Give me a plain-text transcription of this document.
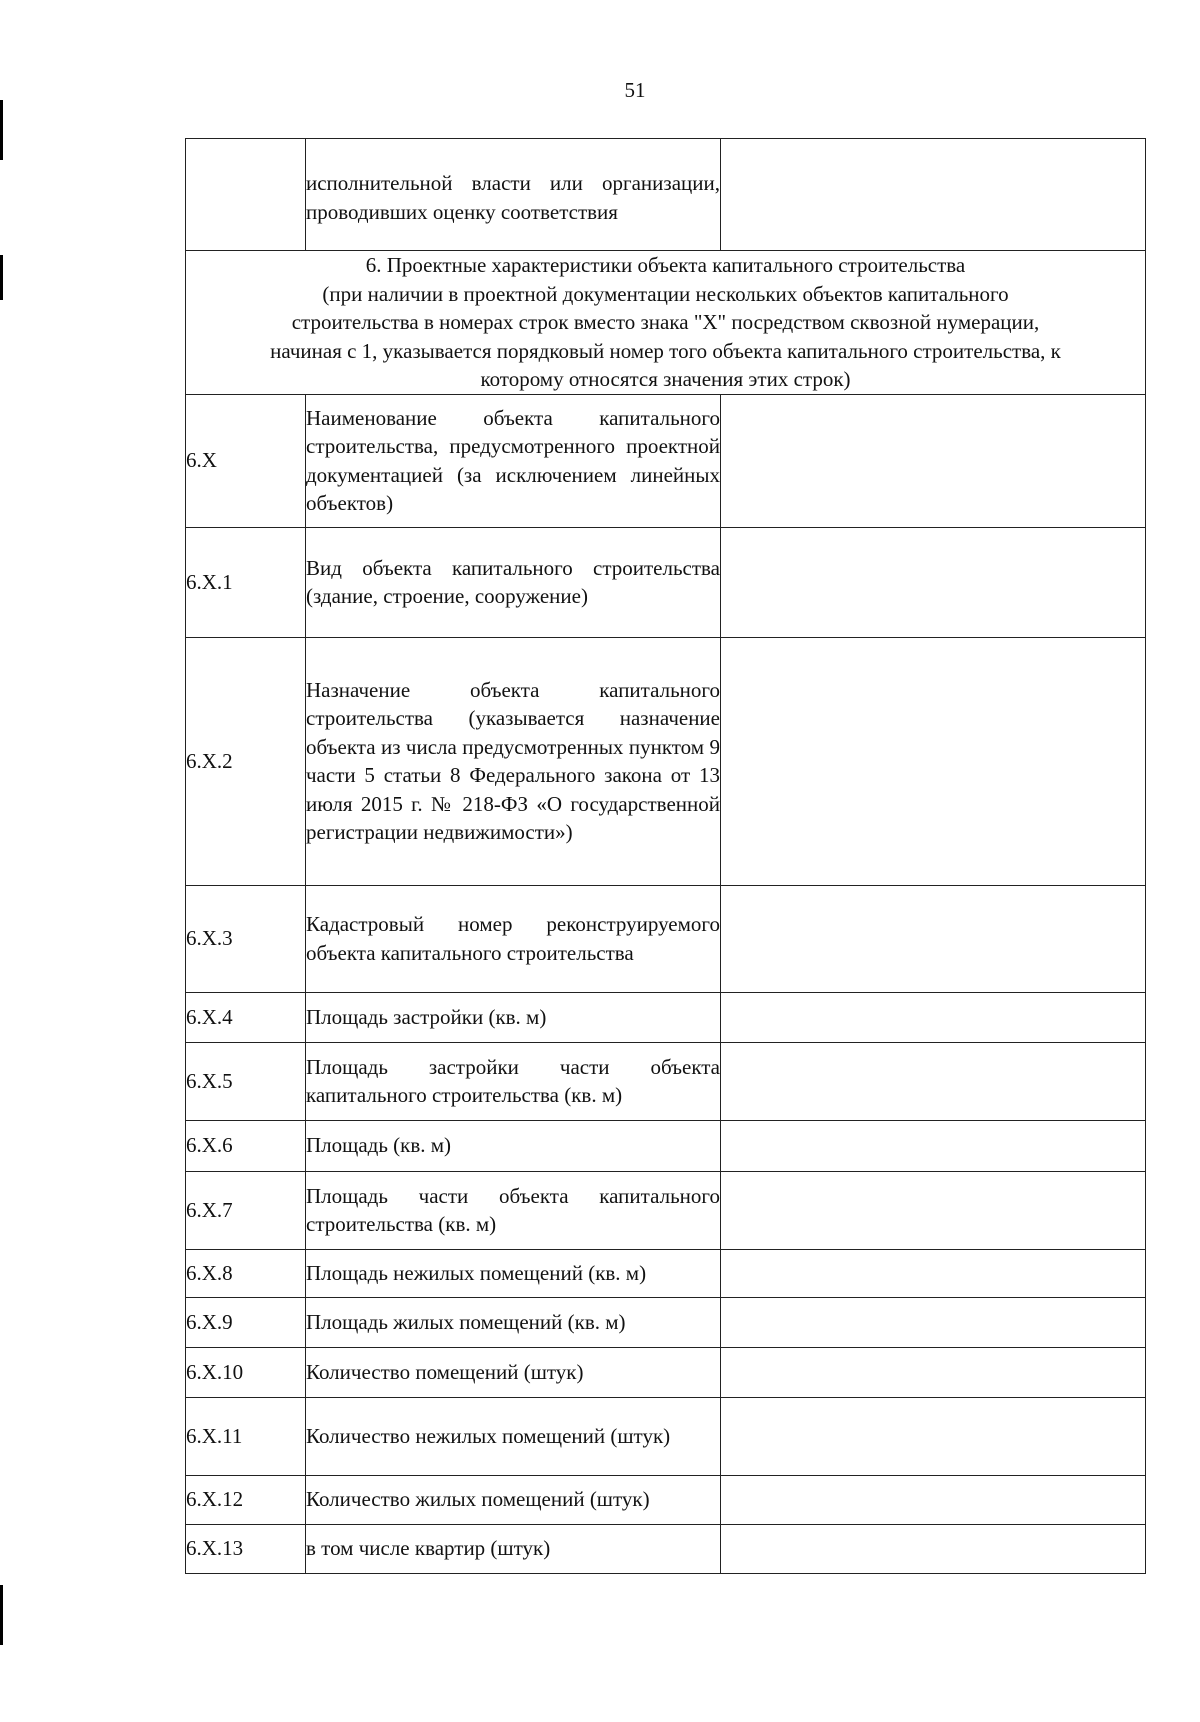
51
	исполнительной власти или организации, проводивших оценку соответствия	

6. Проектные характеристики объекта капитального строительства
(при наличии в проектной документации нескольких объектов капитального
строительства в номерах строк вместо знака "X" посредством сквозной нумерации,
начиная с 1, указывается порядковый номер того объекта капитального строительства, к
которому относятся значения этих строк)		

6.X	Наименование объекта капитального строительства, предусмотренного проектной документацией (за исключением линейных объектов)	
6.X.1	Вид объекта капитального строительства (здание, строение, сооружение)	
6.X.2	Назначение объекта капитального строительства (указывается назначение объекта из числа предусмотренных пунктом 9 части 5 статьи 8 Федерального закона от 13 июля 2015 г. № 218-ФЗ «О государственной регистрации недвижимости»)	
6.X.3	Кадастровый номер реконструируемого объекта капитального строительства	
6.X.4	Площадь застройки (кв. м)	
6.X.5	Площадь застройки части объекта капитального строительства (кв. м)	
6.X.6	Площадь (кв. м)	
6.X.7	Площадь части объекта капитального строительства (кв. м)	
6.X.8	Площадь нежилых помещений (кв. м)	
6.X.9	Площадь жилых помещений (кв. м)	
6.X.10	Количество помещений (штук)	
6.X.11	Количество нежилых помещений (штук)	
6.X.12	Количество жилых помещений (штук)	
6.X.13	в том числе квартир (штук)	
